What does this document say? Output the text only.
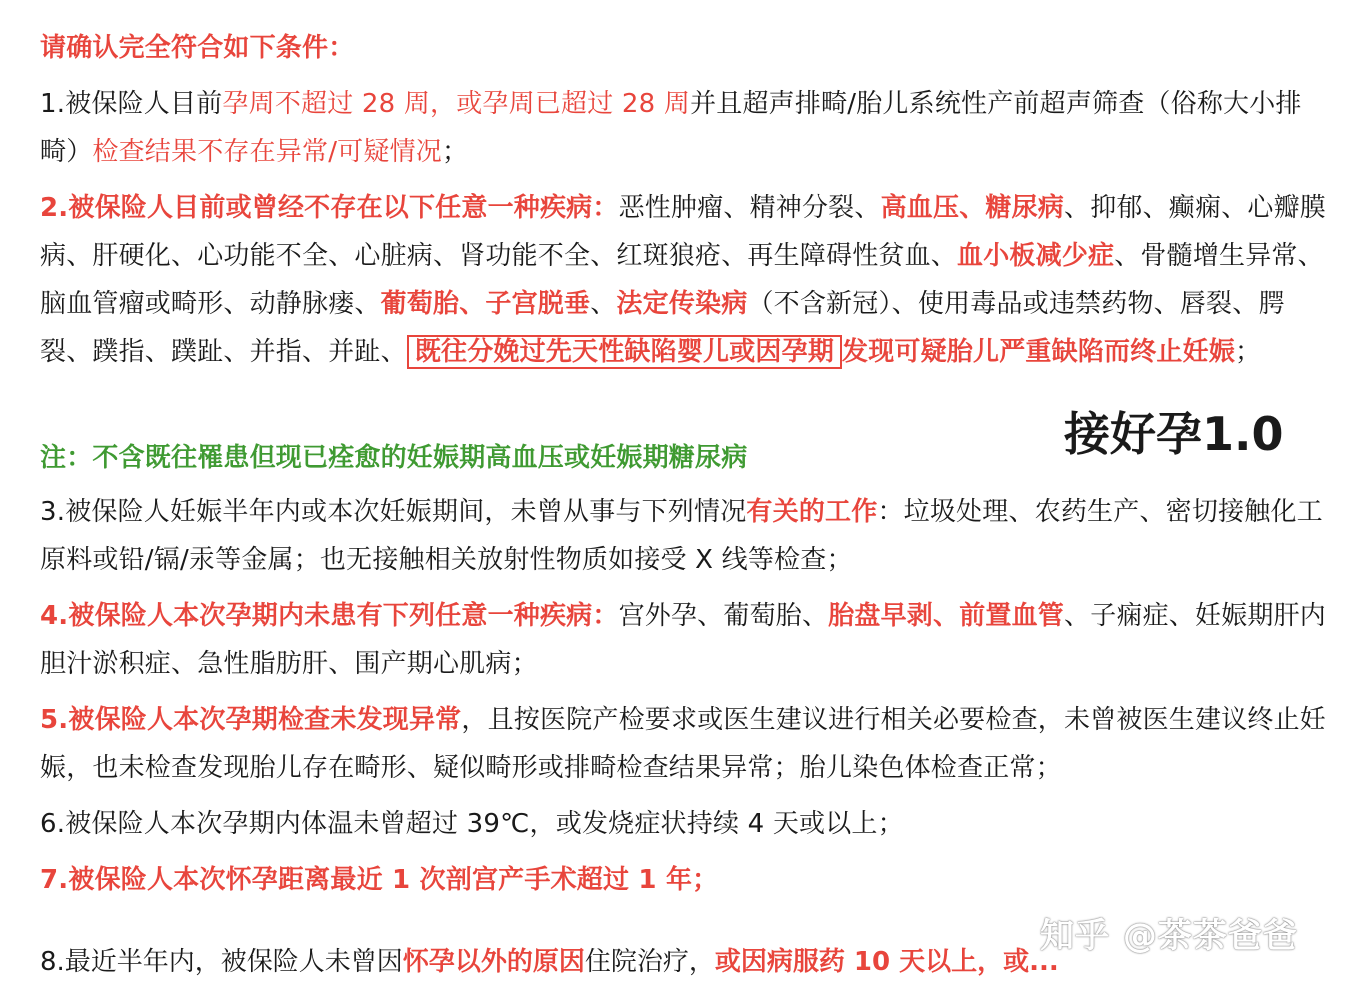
请确认完全符合如下条件：

1.被保险人目前孕周不超过 28 周，或孕周已超过 28 周并且超声排畸/胎儿系统性产前超声筛查（俗称大小排畸）检查结果不存在异常/可疑情况；

2.被保险人目前或曾经不存在以下任意一种疾病：恶性肿瘤、精神分裂、高血压、糖尿病、抑郁、癫痫、心瓣膜病、肝硬化、心功能不全、心脏病、肾功能不全、红斑狼疮、再生障碍性贫血、血小板减少症、骨髓增生异常、脑血管瘤或畸形、动静脉瘘、葡萄胎、子宫脱垂、法定传染病（不含新冠）、使用毒品或违禁药物、唇裂、腭裂、蹼指、蹼趾、并指、并趾、 既往分娩过先天性缺陷婴儿或因孕期 发现可疑胎儿严重缺陷而终止妊娠；

注：不含既往罹患但现已痊愈的妊娠期高血压或妊娠期糖尿病	接好孕1.0

3.被保险人妊娠半年内或本次妊娠期间，未曾从事与下列情况有关的工作：垃圾处理、农药生产、密切接触化工原料或铅/镉/汞等金属；也无接触相关放射性物质如接受 X 线等检查；

4.被保险人本次孕期内未患有下列任意一种疾病：宫外孕、葡萄胎、胎盘早剥、前置血管、子痫症、妊娠期肝内胆汁淤积症、急性脂肪肝、围产期心肌病；

5.被保险人本次孕期检查未发现异常，且按医院产检要求或医生建议进行相关必要检查，未曾被医生建议终止妊娠，也未检查发现胎儿存在畸形、疑似畸形或排畸检查结果异常；胎儿染色体检查正常；

6.被保险人本次孕期内体温未曾超过 39℃，或发烧症状持续 4 天或以上；

7.被保险人本次怀孕距离最近 1 次剖宫产手术超过 1 年；

8.最近半年内，被保险人未曾因怀孕以外的原因住院治疗，或因病服药 10 天以上，或...

知乎 @茶茶爸爸
